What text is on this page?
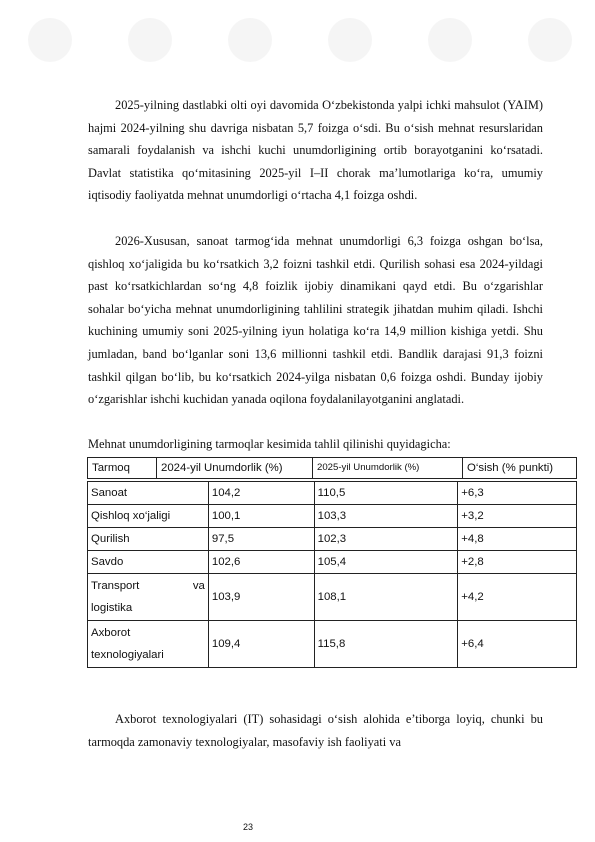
2025-yilning dastlabki olti oyi davomida O‘zbekistonda yalpi ichki mahsulot (YAIM) hajmi 2024-yilning shu davriga nisbatan 5,7 foizga o‘sdi. Bu o‘sish mehnat resurslaridan samarali foydalanish va ishchi kuchi unumdorligining ortib borayotganini ko‘rsatadi. Davlat statistika qo‘mitasining 2025-yil I–II chorak ma’lumotlariga ko‘ra, umumiy iqtisodiy faoliyatda mehnat unumdorligi o‘rtacha 4,1 foizga oshdi.

2026-Xususan, sanoat tarmog‘ida mehnat unumdorligi 6,3 foizga oshgan bo‘lsa, qishloq xo‘jaligida bu ko‘rsatkich 3,2 foizni tashkil etdi. Qurilish sohasi esa 2024-yildagi past ko‘rsatkichlardan so‘ng 4,8 foizlik ijobiy dinamikani qayd etdi. Bu o‘zgarishlar sohalar bo‘yicha mehnat unumdorligining tahlilini strategik jihatdan muhim qiladi. Ishchi kuchining umumiy soni 2025-yilning iyun holatiga ko‘ra 14,9 million kishiga yetdi. Shu jumladan, band bo‘lganlar soni 13,6 millionni tashkil etdi. Bandlik darajasi 91,3 foizni tashkil qilgan bo‘lib, bu ko‘rsatkich 2024-yilga nisbatan 0,6 foizga oshdi. Bunday ijobiy o‘zgarishlar ishchi kuchidan yanada oqilona foydalanilayotganini anglatadi.

Mehnat unumdorligining tarmoqlar kesimida tahlil qilinishi quyidagicha:

Tarmoq	2024-yil Unumdorlik (%)	2025-yil Unumdorlik (%)	O‘sish (% punkti)
Sanoat	104,2	110,5	+6,3
Qishloq xo‘jaligi	100,1	103,3	+3,2
Qurilish	97,5	102,3	+4,8
Savdo	102,6	105,4	+2,8

Transport va
logistika	103,9	108,1	+4,2

Axborot
texnologiyalari	109,4	115,8	+6,4

Axborot texnologiyalari (IT) sohasidagi o‘sish alohida e’tiborga loyiq, chunki bu tarmoqda zamonaviy texnologiyalar, masofaviy ish faoliyati va

23
